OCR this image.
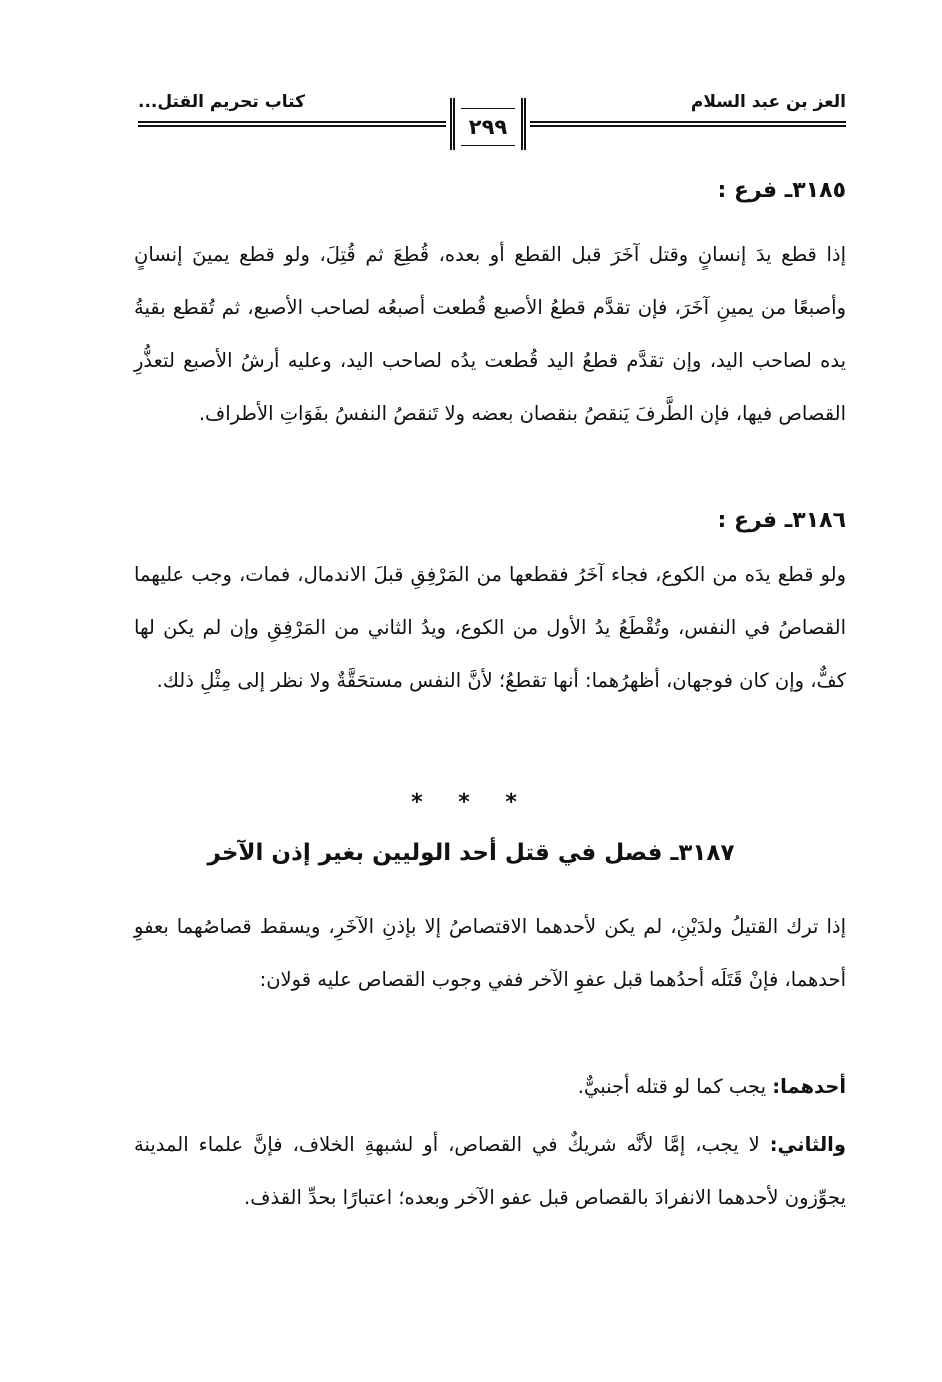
العز بن عبد السلام
كتاب تحريم القتل...
٢٩٩
٣١٨٥ـ فرع :
إذا قطع يدَ إنسانٍ وقتل آخَرَ قبل القطع أو بعده، قُطِعَ ثم قُتِلَ، ولو قطع يمينَ إنسانٍ وأصبعًا من يمينِ آخَرَ، فإن تقدَّم قطعُ الأصبع قُطعت أصبعُه لصاحب الأصبع، ثم تُقطع بقيةُ يده لصاحب اليد، وإن تقدَّم قطعُ اليد قُطعت يدُه لصاحب اليد، وعليه أرشُ الأصبع لتعذُّرِ القصاص فيها، فإن الطَّرفَ يَنقصُ بنقصان بعضه ولا تَنقصُ النفسُ بفَوَاتِ الأطراف.
٣١٨٦ـ فرع :
ولو قطع يدَه من الكوع، فجاء آخَرُ فقطعها من المَرْفِقِ قبلَ الاندمال، فمات، وجب عليهما القصاصُ في النفس، وتُقْطَعُ يدُ الأول من الكوع، ويدُ الثاني من المَرْفِقِ وإن لم يكن لها كفٌّ، وإن كان فوجهان، أظهرُهما: أنها تقطعُ؛ لأنَّ النفس مستحَقَّةٌ ولا نظر إلى مِثْلِ ذلك.
* * *
٣١٨٧ـ فصل في قتل أحد الوليين بغير إذن الآخر
إذا ترك القتيلُ ولدَيْنِ، لم يكن لأحدهما الاقتصاصُ إلا بإذنِ الآخَرِ، ويسقط قصاصُهما بعفوِ أحدهما، فإنْ قَتَلَه أحدُهما قبل عفوِ الآخر ففي وجوب القصاص عليه قولان:
أحدهما: يجب كما لو قتله أجنبيٌّ.
والثاني: لا يجب، إمَّا لأنَّه شريكٌ في القصاص، أو لشبهةِ الخلاف، فإنَّ علماء المدينة يجوِّزون لأحدهما الانفرادَ بالقصاص قبل عفو الآخر وبعده؛ اعتبارًا بحدِّ القذف.
